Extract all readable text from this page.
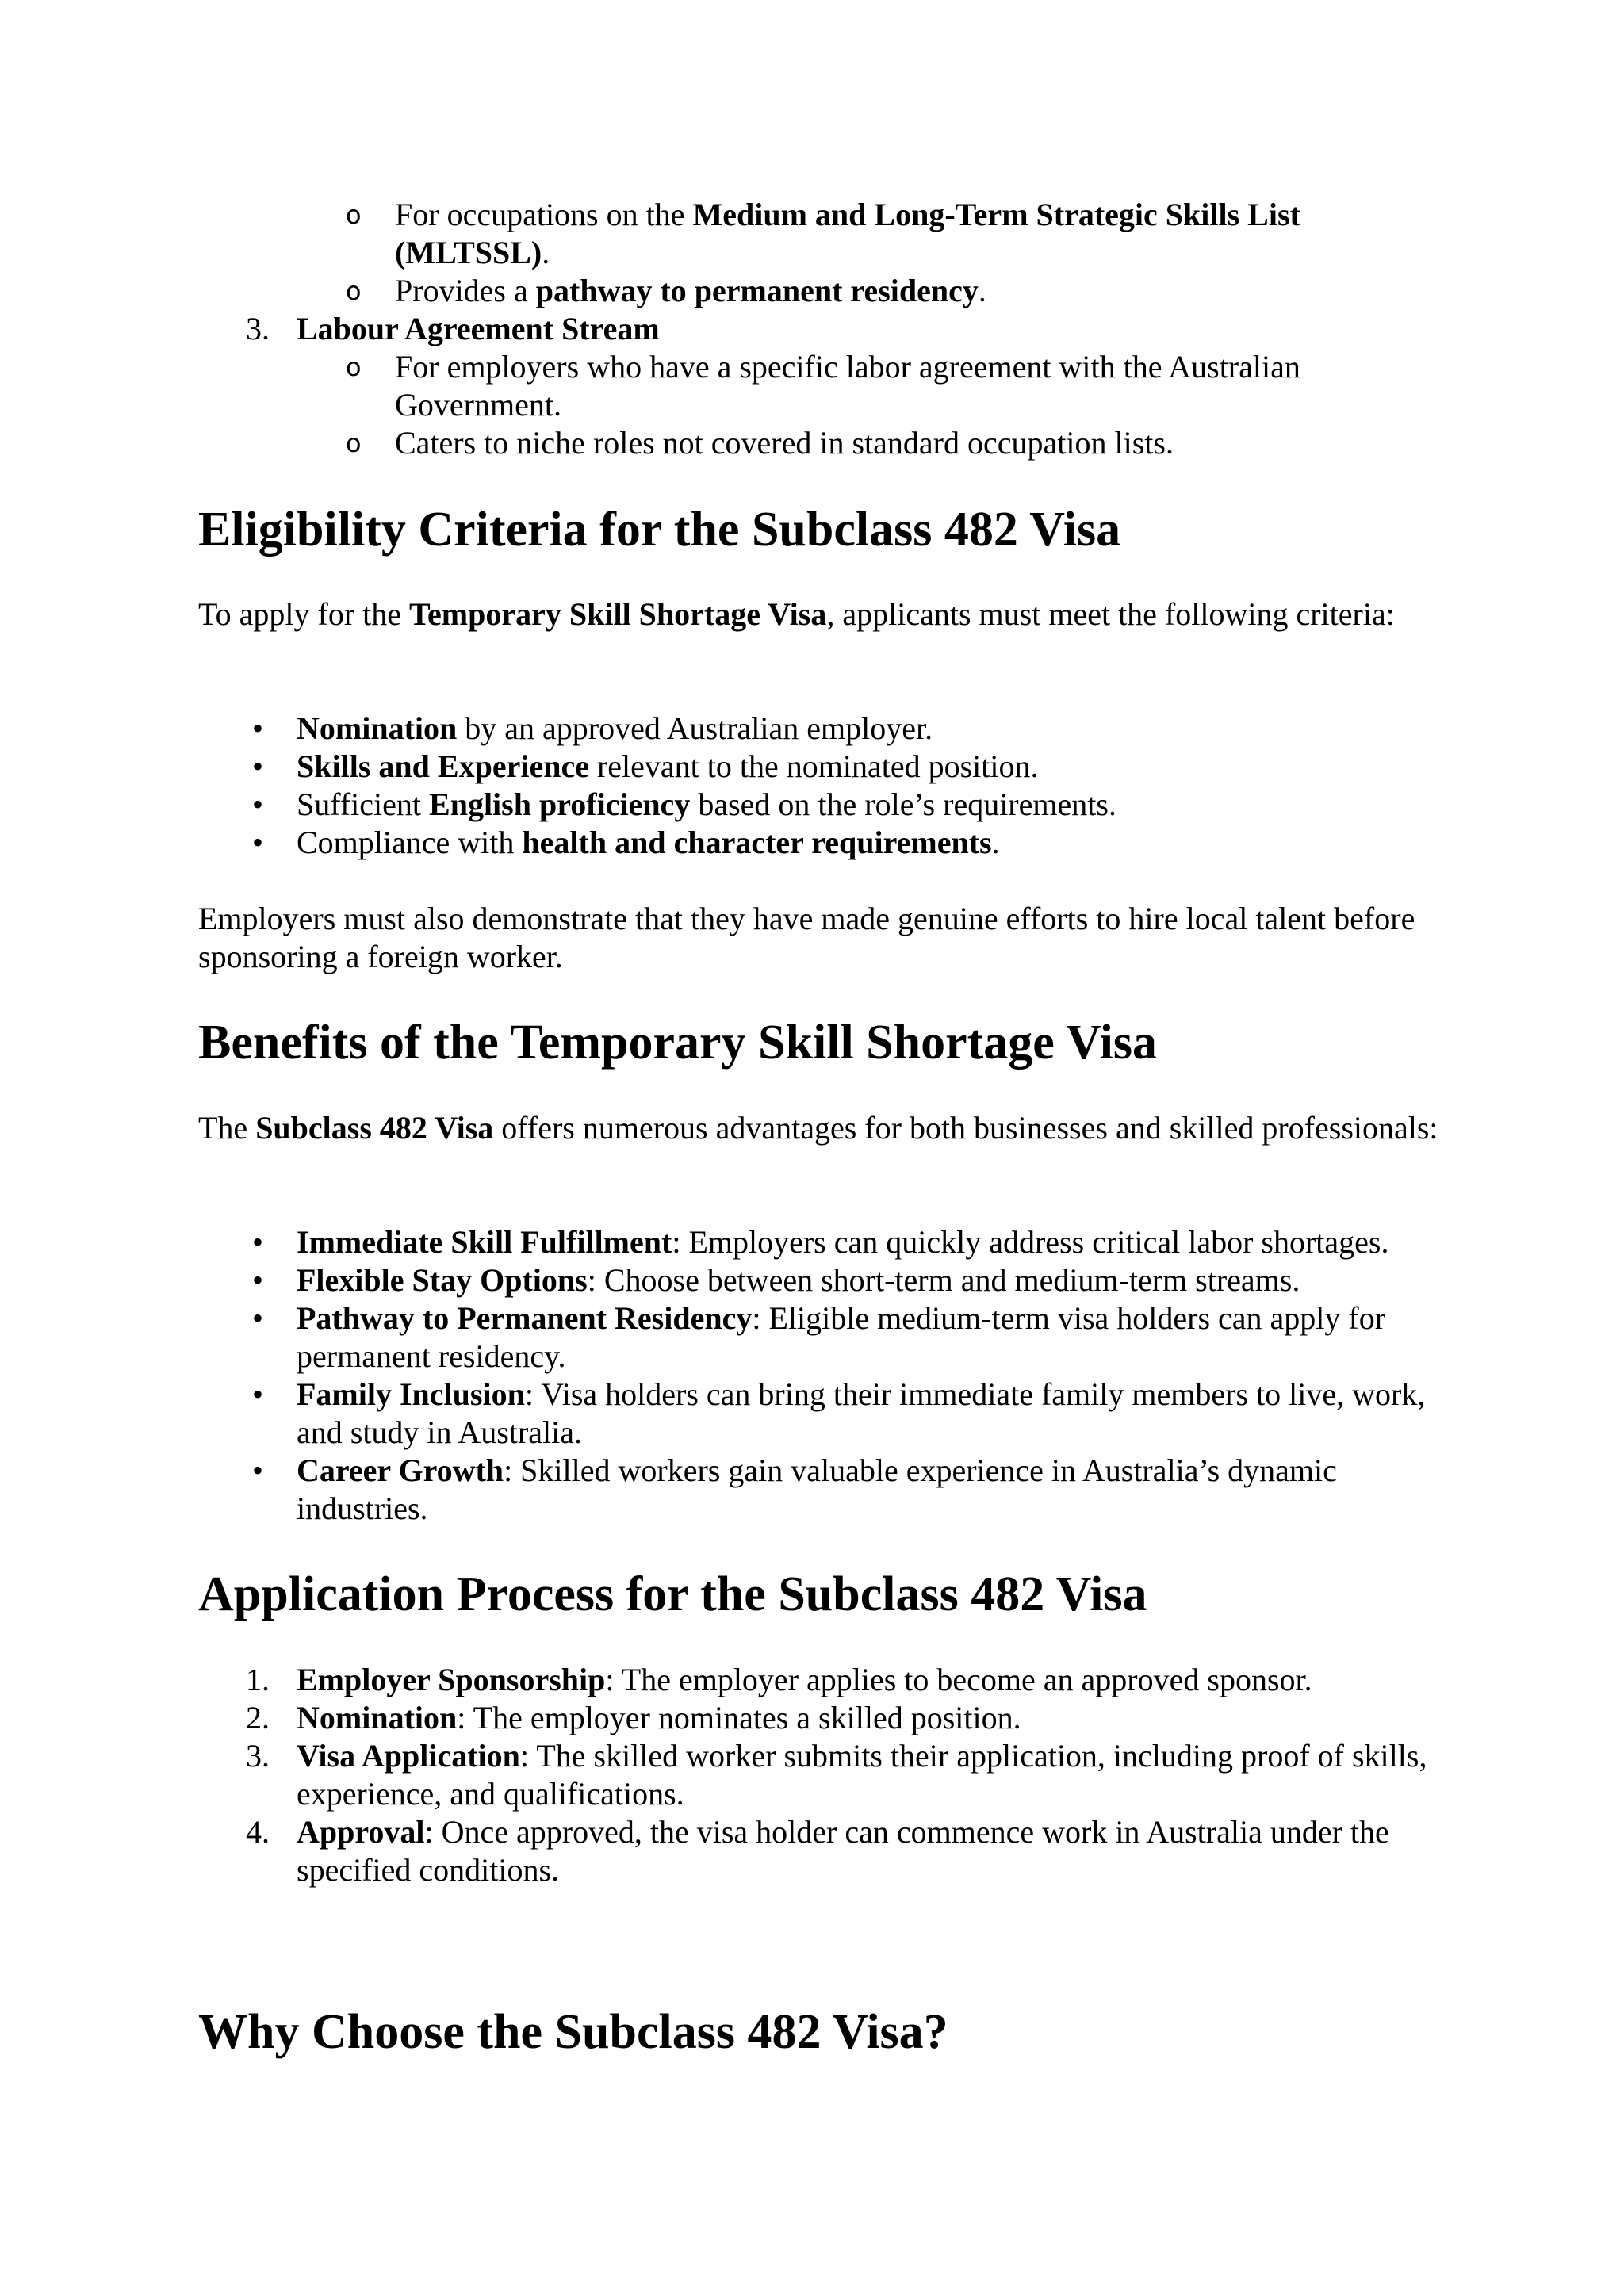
o	For occupations on the Medium and Long-Term Strategic Skills List (MLTSSL).
o	Provides a pathway to permanent residency.
3. Labour Agreement Stream
o	For employers who have a specific labor agreement with the Australian Government.
o	Caters to niche roles not covered in standard occupation lists.
Eligibility Criteria for the Subclass 482 Visa
To apply for the Temporary Skill Shortage Visa, applicants must meet the following criteria:
•	Nomination by an approved Australian employer.
•	Skills and Experience relevant to the nominated position.
•	Sufficient English proficiency based on the role’s requirements.
•	Compliance with health and character requirements.
Employers must also demonstrate that they have made genuine efforts to hire local talent before sponsoring a foreign worker.
Benefits of the Temporary Skill Shortage Visa
The Subclass 482 Visa offers numerous advantages for both businesses and skilled professionals:
•	Immediate Skill Fulfillment: Employers can quickly address critical labor shortages.
•	Flexible Stay Options: Choose between short-term and medium-term streams.
•	Pathway to Permanent Residency: Eligible medium-term visa holders can apply for permanent residency.
•	Family Inclusion: Visa holders can bring their immediate family members to live, work, and study in Australia.
•	Career Growth: Skilled workers gain valuable experience in Australia’s dynamic industries.
Application Process for the Subclass 482 Visa
1. Employer Sponsorship: The employer applies to become an approved sponsor.
2. Nomination: The employer nominates a skilled position.
3. Visa Application: The skilled worker submits their application, including proof of skills, experience, and qualifications.
4. Approval: Once approved, the visa holder can commence work in Australia under the specified conditions.
Why Choose the Subclass 482 Visa?
